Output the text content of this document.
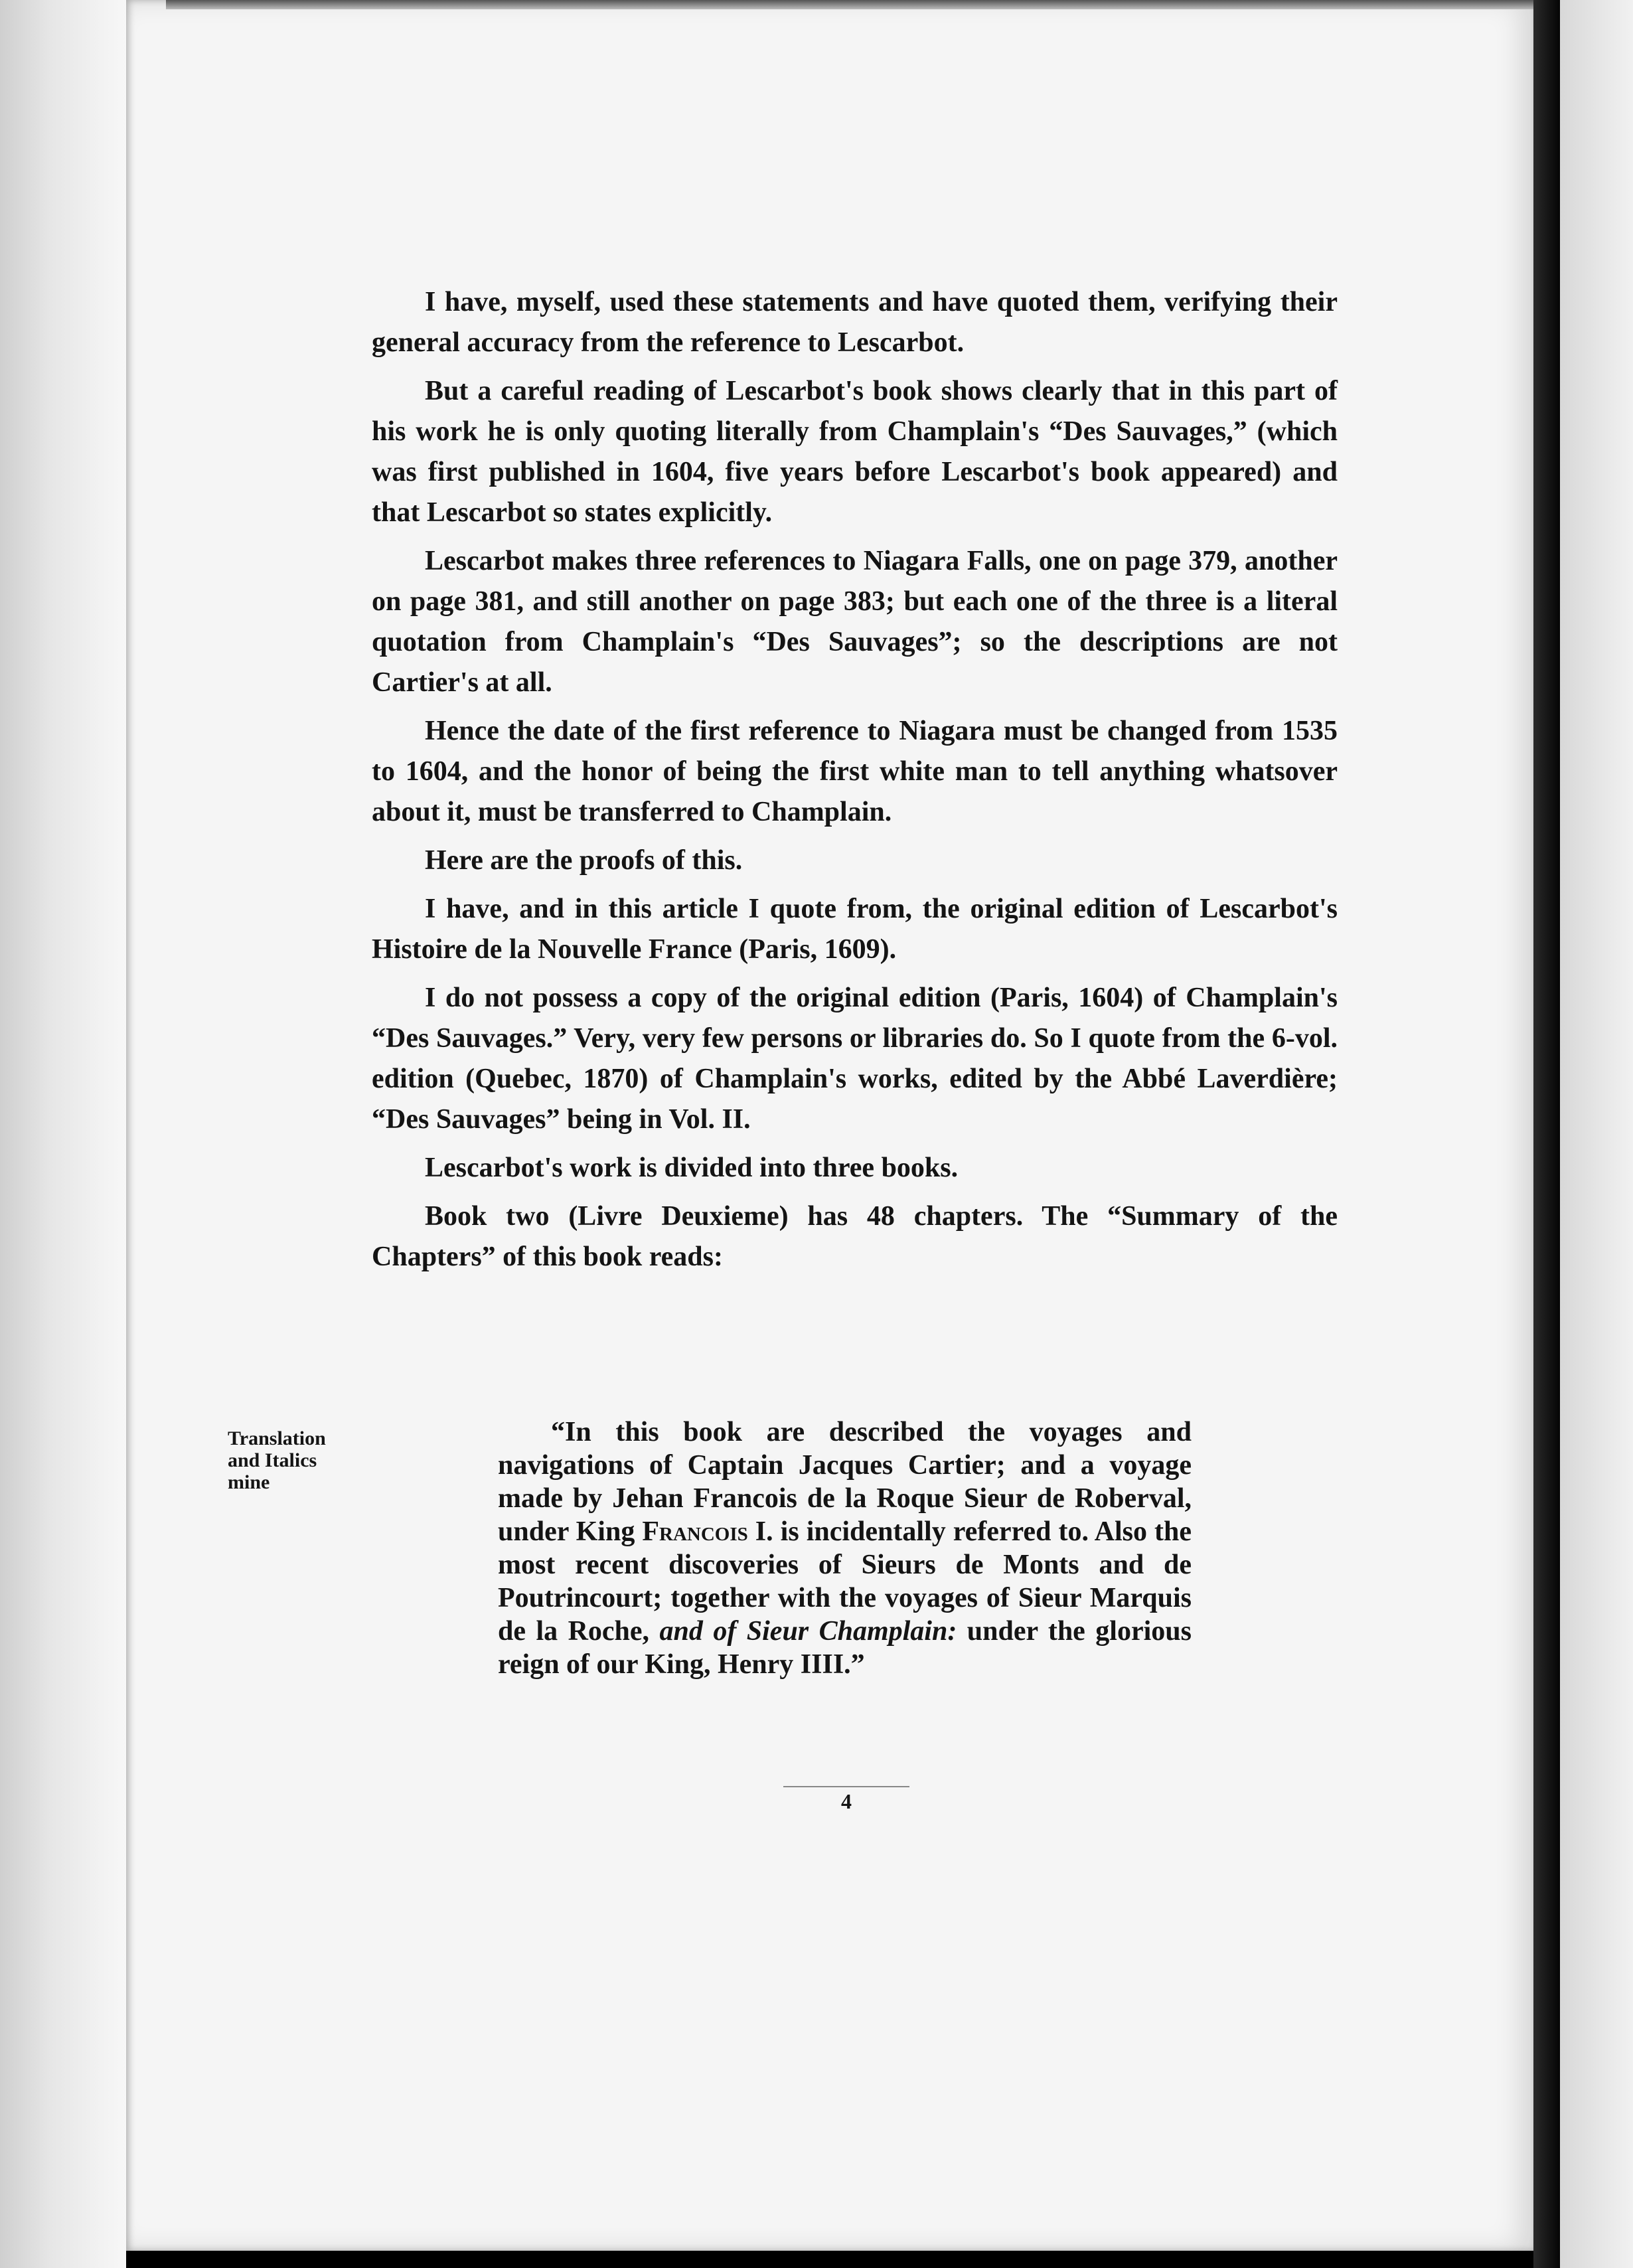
I have, myself, used these statements and have quoted them, verifying their general accuracy from the reference to Lescarbot.

But a careful reading of Lescarbot's book shows clearly that in this part of his work he is only quoting literally from Champlain's “Des Sauvages,” (which was first published in 1604, five years before Lescarbot's book appeared) and that Lescarbot so states explicitly.

Lescarbot makes three references to Niagara Falls, one on page 379, another on page 381, and still another on page 383; but each one of the three is a literal quotation from Champlain's “Des Sauvages”; so the descriptions are not Cartier's at all.

Hence the date of the first reference to Niagara must be changed from 1535 to 1604, and the honor of being the first white man to tell anything whatsover about it, must be transferred to Champlain.

Here are the proofs of this.

I have, and in this article I quote from, the original edition of Lescarbot's Histoire de la Nouvelle France (Paris, 1609).

I do not possess a copy of the original edition (Paris, 1604) of Champlain's “Des Sauvages.” Very, very few persons or libraries do. So I quote from the 6-vol. edition (Quebec, 1870) of Champlain's works, edited by the Abbé Laverdière; “Des Sauvages” being in Vol. II.

Lescarbot's work is divided into three books.

Book two (Livre Deuxieme) has 48 chapters. The “Summary of the Chapters” of this book reads:

Translation and Italics mine

“In this book are described the voyages and navigations of Captain Jacques Cartier; and a voyage made by Jehan Francois de la Roque Sieur de Roberval, under King Francois I. is incidentally referred to. Also the most recent discoveries of Sieurs de Monts and de Poutrincourt; together with the voyages of Sieur Marquis de la Roche, and of Sieur Champlain: under the glorious reign of our King, Henry IIII.”

4
